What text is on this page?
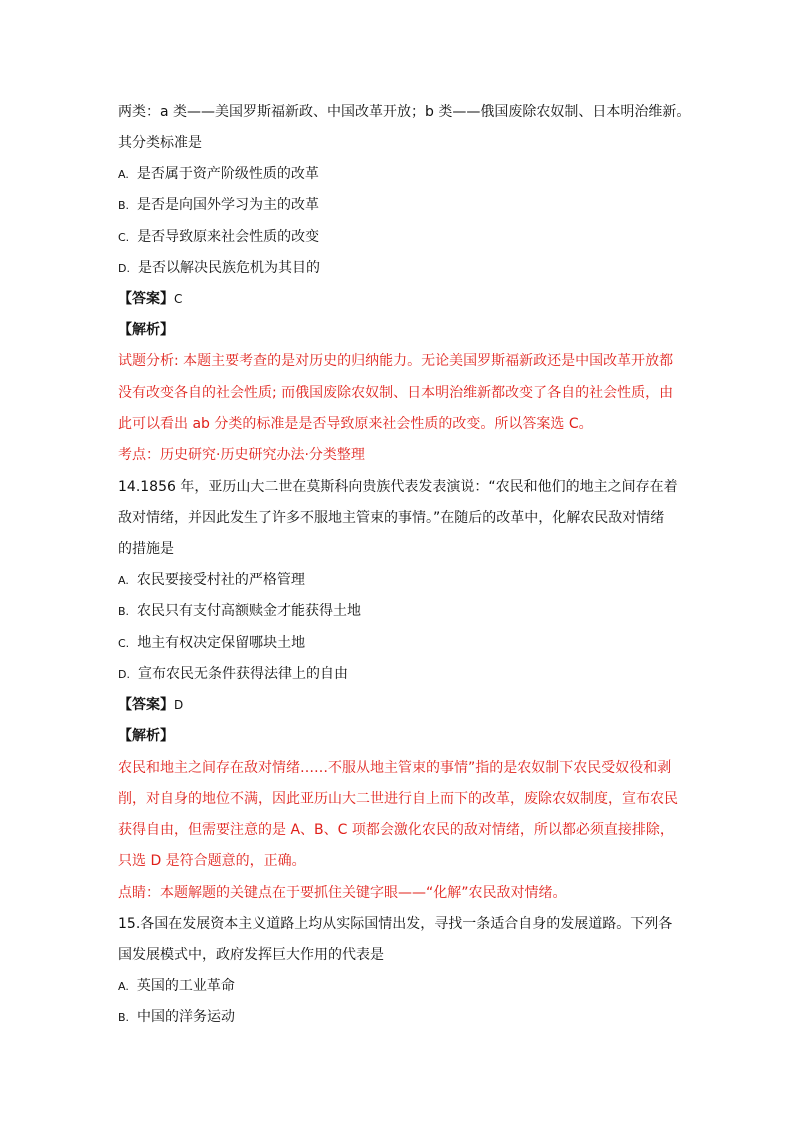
两类：a 类——美国罗斯福新政、中国改革开放；b 类——俄国废除农奴制、日本明治维新。
其分类标准是
A. 是否属于资产阶级性质的改革
B. 是否是向国外学习为主的改革
C. 是否导致原来社会性质的改变
D. 是否以解决民族危机为其目的
【答案】C
【解析】
试题分析: 本题主要考查的是对历史的归纳能力。无论美国罗斯福新政还是中国改革开放都
没有改变各自的社会性质; 而俄国废除农奴制、日本明治维新都改变了各自的社会性质，由
此可以看出 ab 分类的标准是是否导致原来社会性质的改变。所以答案选 C。
考点：历史研究·历史研究办法·分类整理
14.1856 年，亚历山大二世在莫斯科向贵族代表发表演说：“农民和他们的地主之间存在着
敌对情绪，并因此发生了许多不服地主管束的事情。”在随后的改革中，化解农民敌对情绪
的措施是
A. 农民要接受村社的严格管理
B. 农民只有支付高额赎金才能获得土地
C. 地主有权决定保留哪块土地
D. 宣布农民无条件获得法律上的自由
【答案】D
【解析】
农民和地主之间存在敌对情绪……不服从地主管束的事情”指的是农奴制下农民受奴役和剥
削，对自身的地位不满，因此亚历山大二世进行自上而下的改革，废除农奴制度，宣布农民
获得自由，但需要注意的是 A、B、C 项都会激化农民的敌对情绪，所以都必须直接排除，
只选 D 是符合题意的，正确。
点睛：本题解题的关键点在于要抓住关键字眼——“化解”农民敌对情绪。
15.各国在发展资本主义道路上均从实际国情出发，寻找一条适合自身的发展道路。下列各
国发展模式中，政府发挥巨大作用的代表是
A. 英国的工业革命
B. 中国的洋务运动
